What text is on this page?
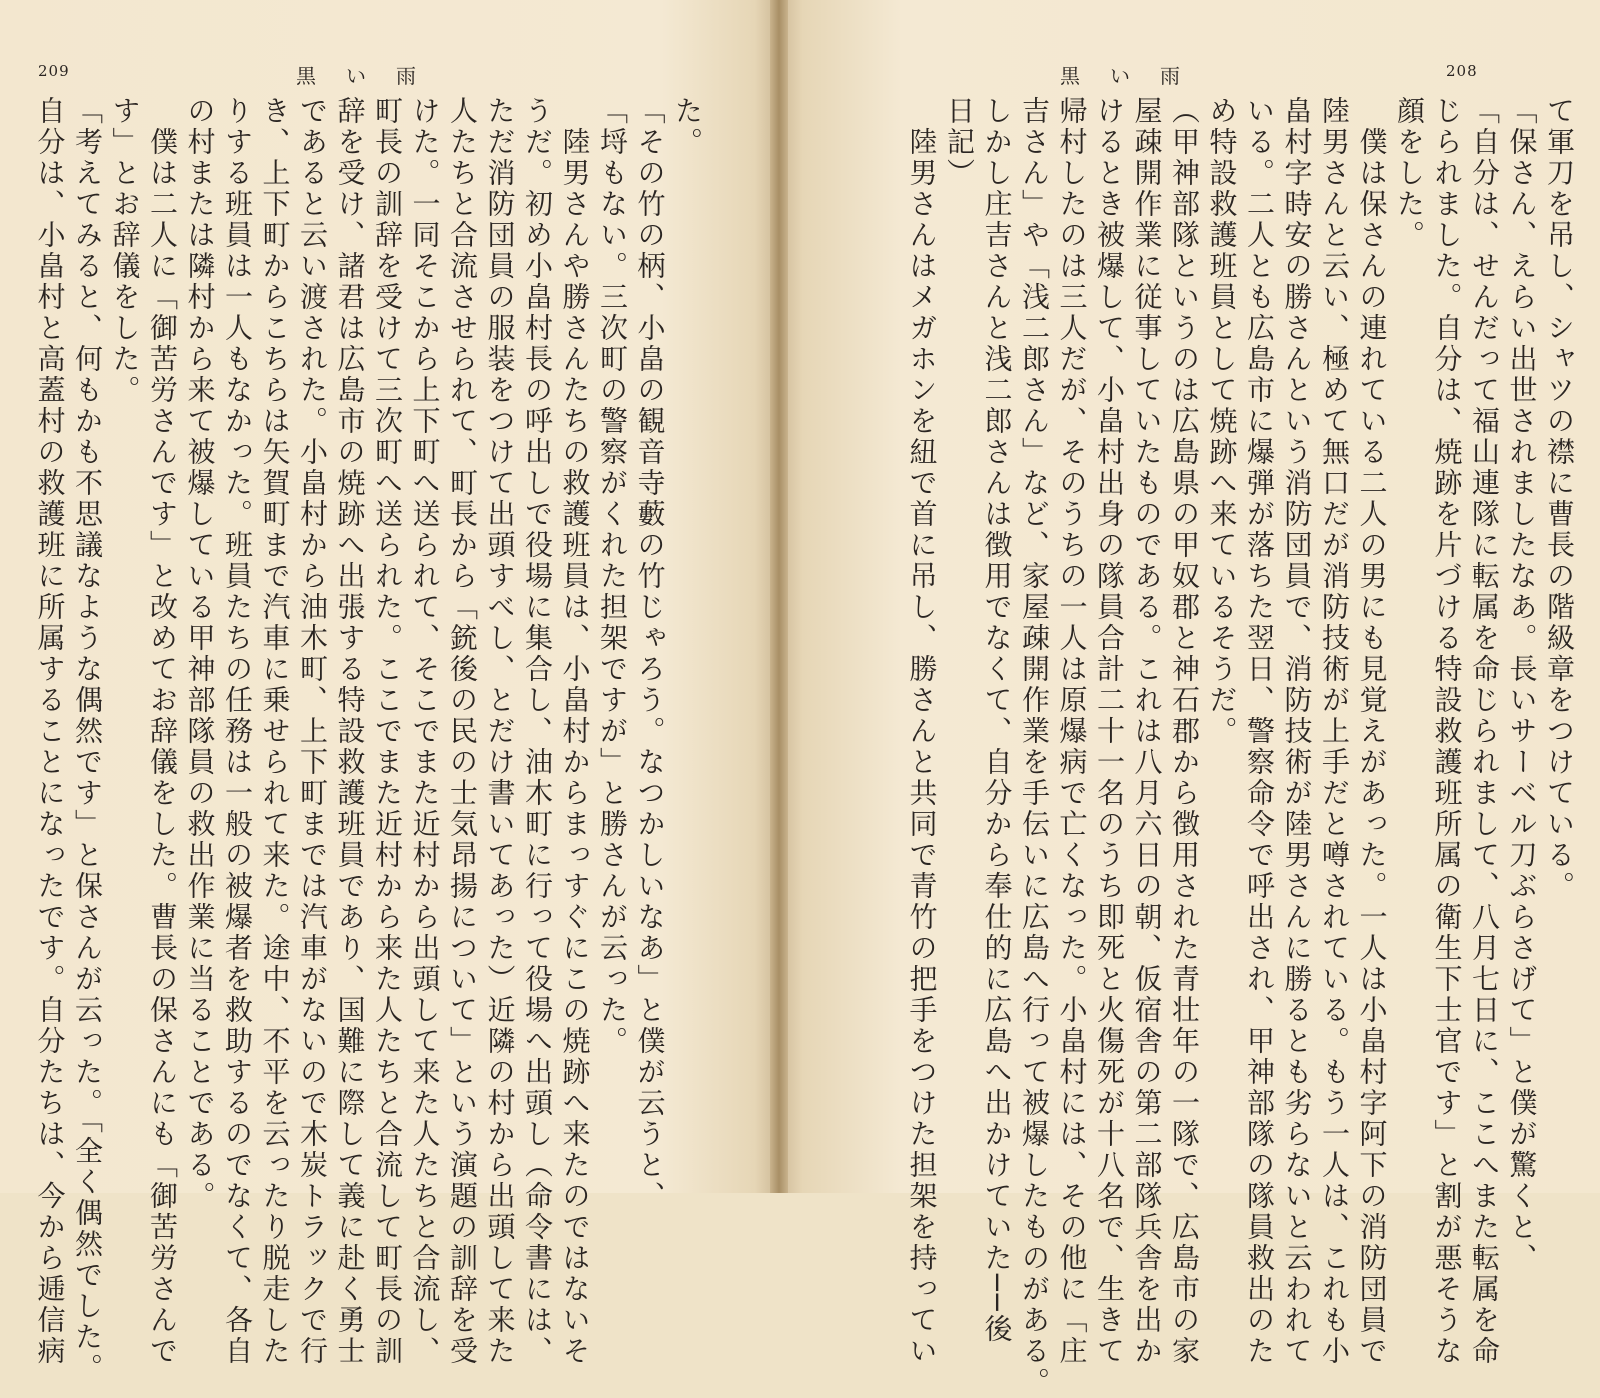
209	黒い雨
た。
「その竹の柄、小畠の観音寺藪の竹じゃろう。なつかしいなあ」と僕が云うと、
「埒もない。三次町の警察がくれた担架ですが」と勝さんが云った。
　陸男さんや勝さんたちの救護班員は、小畠村からまっすぐにこの焼跡へ来たのではないそ
うだ。初め小畠村長の呼出しで役場に集合し、油木町に行って役場へ出頭し（命令書には、
ただ消防団員の服装をつけて出頭すべし、とだけ書いてあった）近隣の村から出頭して来た
人たちと合流させられて、町長から「銃後の民の士気昂揚について」という演題の訓辞を受
けた。一同そこから上下町へ送られて、そこでまた近村から出頭して来た人たちと合流し、
町長の訓辞を受けて三次町へ送られた。ここでまた近村から来た人たちと合流して町長の訓
辞を受け、諸君は広島市の焼跡へ出張する特設救護班員であり、国難に際して義に赴く勇士
であると云い渡された。小畠村から油木町、上下町までは汽車がないので木炭トラックで行
き、上下町からこちらは矢賀町まで汽車に乗せられて来た。途中、不平を云ったり脱走した
りする班員は一人もなかった。班員たちの任務は一般の被爆者を救助するのでなくて、各自
の村または隣村から来て被爆している甲神部隊員の救出作業に当ることである。
　僕は二人に「御苦労さんです」と改めてお辞儀をした。曹長の保さんにも「御苦労さんで
す」とお辞儀をした。
「考えてみると、何もかも不思議なような偶然です」と保さんが云った。「全く偶然でした。
自分は、小畠村と高蓋村の救護班に所属することになったです。自分たちは、今から逓信病
208
黒い雨
て軍刀を吊し、シャツの襟に曹長の階級章をつけている。
「保さん、えらい出世されましたなあ。長いサーベル刀ぶらさげて」と僕が驚くと、
「自分は、せんだって福山連隊に転属を命じられまして、八月七日に、ここへまた転属を命
じられました。自分は、焼跡を片づける特設救護班所属の衛生下士官です」と割が悪そうな
顔をした。
　僕は保さんの連れている二人の男にも見覚えがあった。一人は小畠村字阿下の消防団員で
陸男さんと云い、極めて無口だが消防技術が上手だと噂されている。もう一人は、これも小
畠村字時安の勝さんという消防団員で、消防技術が陸男さんに勝るとも劣らないと云われて
いる。二人とも広島市に爆弾が落ちた翌日、警察命令で呼出され、甲神部隊の隊員救出のた
め特設救護班員として焼跡へ来ているそうだ。
（甲神部隊というのは広島県の甲奴郡と神石郡から徴用された青壮年の一隊で、広島市の家
屋疎開作業に従事していたものである。これは八月六日の朝、仮宿舎の第二部隊兵舎を出か
けるとき被爆して、小畠村出身の隊員合計二十一名のうち即死と火傷死が十八名で、生きて
帰村したのは三人だが、そのうちの一人は原爆病で亡くなった。小畠村には、その他に「庄
吉さん」や「浅二郎さん」など、家屋疎開作業を手伝いに広島へ行って被爆したものがある。
しかし庄吉さんと浅二郎さんは徴用でなくて、自分から奉仕的に広島へ出かけていた──後
日記）
　陸男さんはメガホンを紐で首に吊し、勝さんと共同で青竹の把手をつけた担架を持ってい
